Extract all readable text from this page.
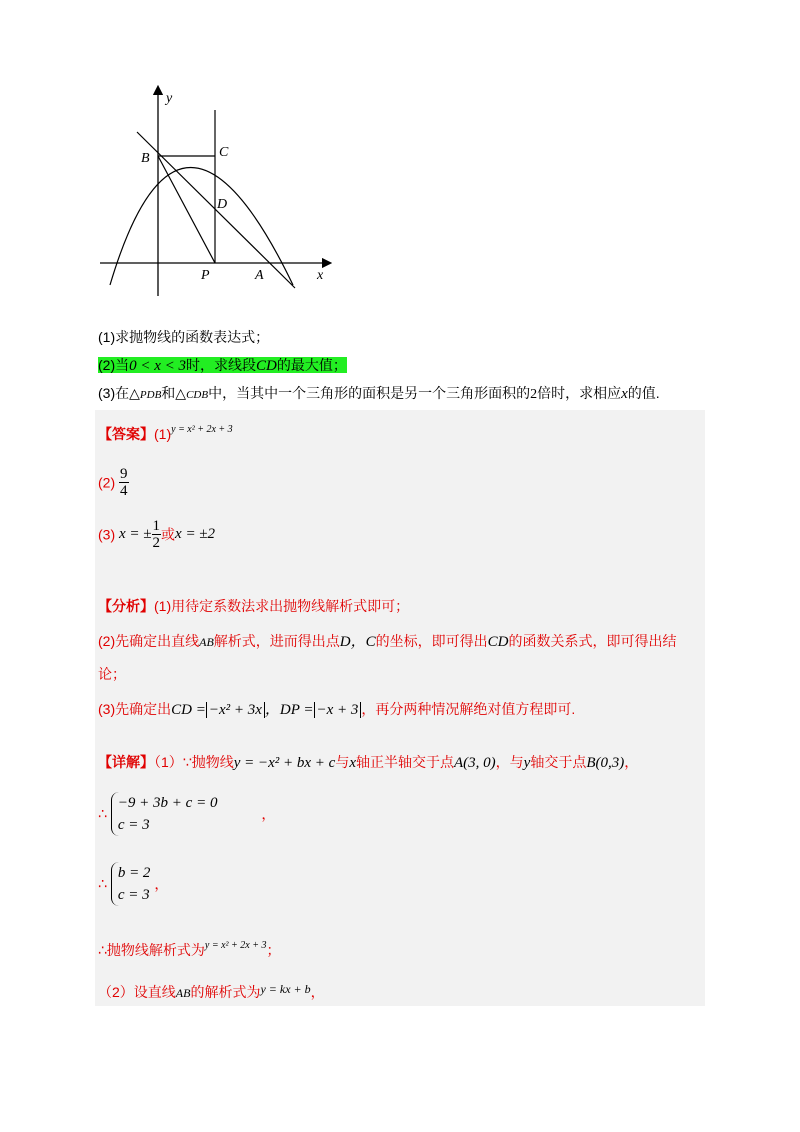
y
x
B	C
D
P	A
(1)求抛物线的函数表达式；
(2)当0 < x < 3时，求线段CD的最大值；
(3)在△PDB和△CDB中，当其中一个三角形的面积是另一个三角形面积的2倍时，求相应x的值.
【答案】$(1)^{y = x^2 + 2x + 3}$
$(2) \frac{9}{4}$
(3) x = ± $\frac{1}{2}$ 或x = ±2
【分析】(1)用待定系数法求出抛物线解析式即可；
(2)先确定出直线AB解析式，进而得出点D，C的坐标，即可得出CD的函数关系式，即可得出结
论；
(3)先确定出CD = −x² + 3x ，DP = −x + 3 ，再分两种情况解绝对值方程即可.
【详解】（1）∵抛物线y = −x² + bx + c与x轴正半轴交于点A(3, 0)，与y轴交于点B(0,3)，
∴
−9 + 3b + c = 0
c = 3
，
∴
b = 2
c = 3
，
∴抛物线解析式为$^{y = x^2 + 2x + 3}$；
（2）设直线AB的解析式为y = kx + b，
